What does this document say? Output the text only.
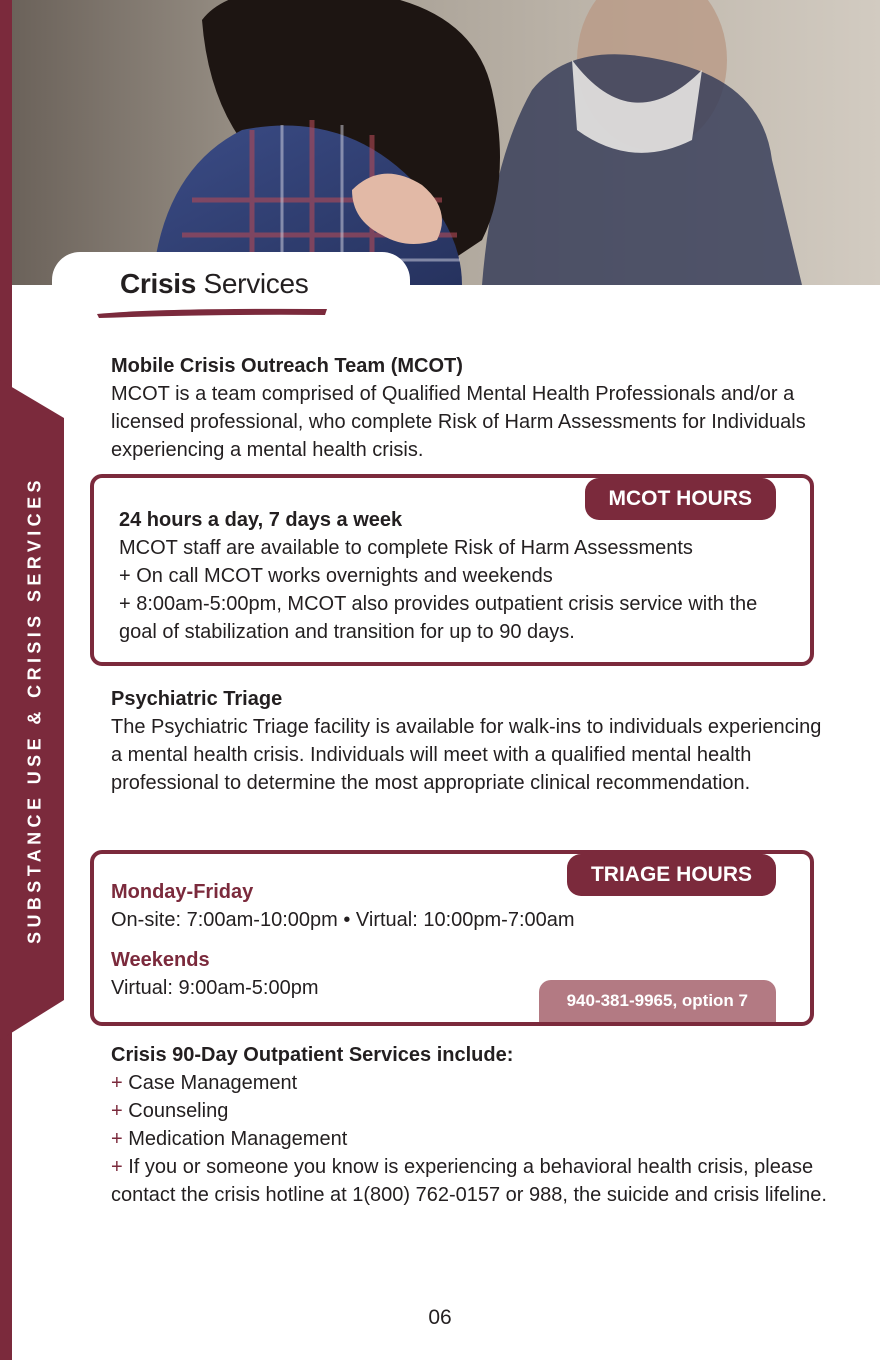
SUBSTANCE USE & CRISIS SERVICES
Crisis Services
Mobile Crisis Outreach Team (MCOT)

MCOT is a team comprised of Qualified Mental Health Professionals and/or a licensed professional, who complete Risk of Harm Assessments for Individuals experiencing a mental health crisis.

MCOT HOURS
24 hours a day, 7 days a week

MCOT staff are available to complete Risk of Harm Assessments

+ On call MCOT works overnights and weekends

+ 8:00am-5:00pm, MCOT also provides outpatient crisis service with the goal of stabilization and transition for up to 90 days.

Psychiatric Triage

The Psychiatric Triage facility is available for walk-ins to individuals experiencing a mental health crisis. Individuals will meet with a qualified mental health professional to determine the most appropriate clinical recommendation.

TRIAGE HOURS
Monday-Friday

On-site: 7:00am-10:00pm • Virtual: 10:00pm-7:00am

Weekends

Virtual: 9:00am-5:00pm

940-381-9965, option 7
Crisis 90-Day Outpatient Services include:

+ Case Management

+ Counseling

+ Medication Management

+ If you or someone you know is experiencing a behavioral health crisis, please contact the crisis hotline at 1(800) 762-0157 or 988, the suicide and crisis lifeline.

06
